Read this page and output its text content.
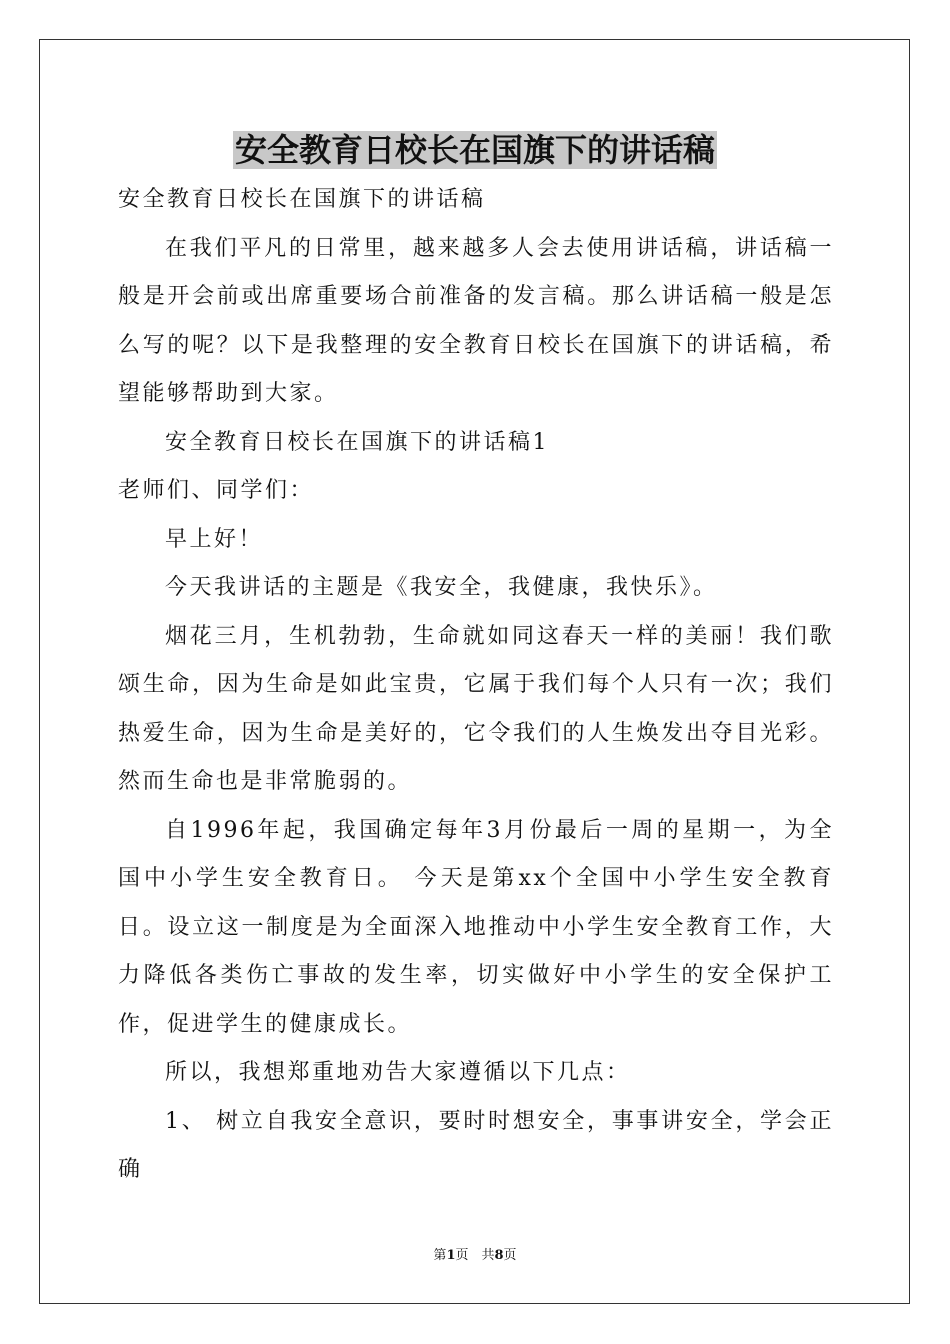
安全教育日校长在国旗下的讲话稿

安全教育日校长在国旗下的讲话稿

在我们平凡的日常里，越来越多人会去使用讲话稿，讲话稿一般是开会前或出席重要场合前准备的发言稿。那么讲话稿一般是怎么写的呢？以下是我整理的安全教育日校长在国旗下的讲话稿，希望能够帮助到大家。

安全教育日校长在国旗下的讲话稿1

老师们、同学们：

早上好！

今天我讲话的主题是《我安全，我健康，我快乐》。

烟花三月，生机勃勃，生命就如同这春天一样的美丽！我们歌颂生命，因为生命是如此宝贵，它属于我们每个人只有一次；我们热爱生命，因为生命是美好的，它令我们的人生焕发出夺目光彩。然而生命也是非常脆弱的。

自1996年起，我国确定每年3月份最后一周的星期一，为全国中小学生安全教育日。 今天是第xx个全国中小学生安全教育日。设立这一制度是为全面深入地推动中小学生安全教育工作，大力降低各类伤亡事故的发生率，切实做好中小学生的安全保护工作，促进学生的健康成长。

所以，我想郑重地劝告大家遵循以下几点：

1、 树立自我安全意识，要时时想安全，事事讲安全，学会正确

第1页　共8页
